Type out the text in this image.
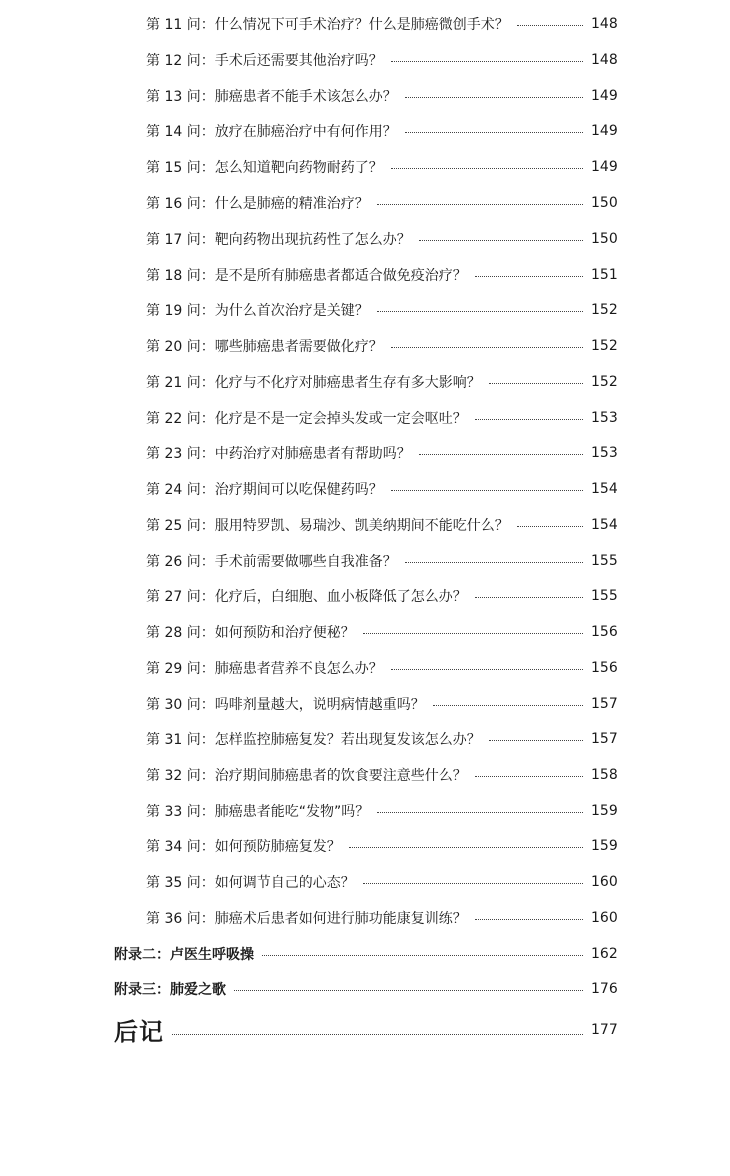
第 11 问：什么情况下可手术治疗？什么是肺癌微创手术？	148
第 12 问：手术后还需要其他治疗吗？	148
第 13 问：肺癌患者不能手术该怎么办？	149
第 14 问：放疗在肺癌治疗中有何作用？	149
第 15 问：怎么知道靶向药物耐药了？	149
第 16 问：什么是肺癌的精准治疗？	150
第 17 问：靶向药物出现抗药性了怎么办？	150
第 18 问：是不是所有肺癌患者都适合做免疫治疗？	151
第 19 问：为什么首次治疗是关键？	152
第 20 问：哪些肺癌患者需要做化疗？	152
第 21 问：化疗与不化疗对肺癌患者生存有多大影响？	152
第 22 问：化疗是不是一定会掉头发或一定会呕吐？	153
第 23 问：中药治疗对肺癌患者有帮助吗？	153
第 24 问：治疗期间可以吃保健药吗？	154
第 25 问：服用特罗凯、易瑞沙、凯美纳期间不能吃什么？	154
第 26 问：手术前需要做哪些自我准备？	155
第 27 问：化疗后，白细胞、血小板降低了怎么办？	155
第 28 问：如何预防和治疗便秘？	156
第 29 问：肺癌患者营养不良怎么办？	156
第 30 问：吗啡剂量越大，说明病情越重吗？	157
第 31 问：怎样监控肺癌复发？若出现复发该怎么办？	157
第 32 问：治疗期间肺癌患者的饮食要注意些什么？	158
第 33 问：肺癌患者能吃“发物”吗？	159
第 34 问：如何预防肺癌复发？	159
第 35 问：如何调节自己的心态？	160
第 36 问：肺癌术后患者如何进行肺功能康复训练？	160
附录二：卢医生呼吸操	162
附录三：肺爱之歌	176
后记	177
